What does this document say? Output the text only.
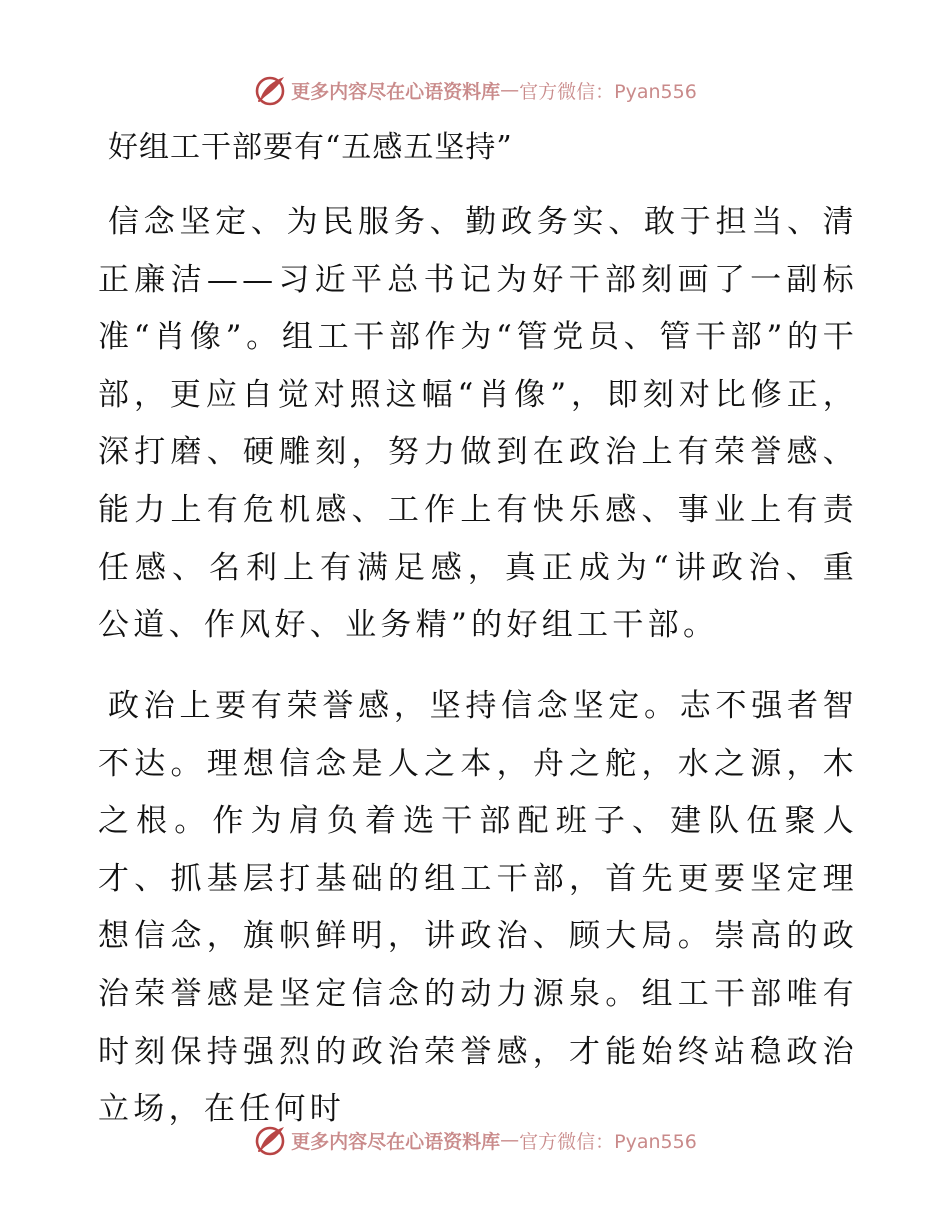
更多内容尽在心语资料库 — 官方微信：Pyan556
好组工干部要有“五感五坚持”

信念坚定、为民服务、勤政务实、敢于担当、清正廉洁——习近平总书记为好干部刻画了一副标准“肖像”。组工干部作为“管党员、管干部”的干部，更应自觉对照这幅“肖像”，即刻对比修正，深打磨、硬雕刻，努力做到在政治上有荣誉感、能力上有危机感、工作上有快乐感、事业上有责任感、名利上有满足感，真正成为“讲政治、重公道、作风好、业务精”的好组工干部。

政治上要有荣誉感，坚持信念坚定。志不强者智不达。理想信念是人之本，舟之舵，水之源，木之根。作为肩负着选干部配班子、建队伍聚人才、抓基层打基础的组工干部，首先更要坚定理想信念，旗帜鲜明，讲政治、顾大局。崇高的政治荣誉感是坚定信念的动力源泉。组工干部唯有时刻保持强烈的政治荣誉感，才能始终站稳政治立场，在任何时

更多内容尽在心语资料库 — 官方微信：Pyan556
